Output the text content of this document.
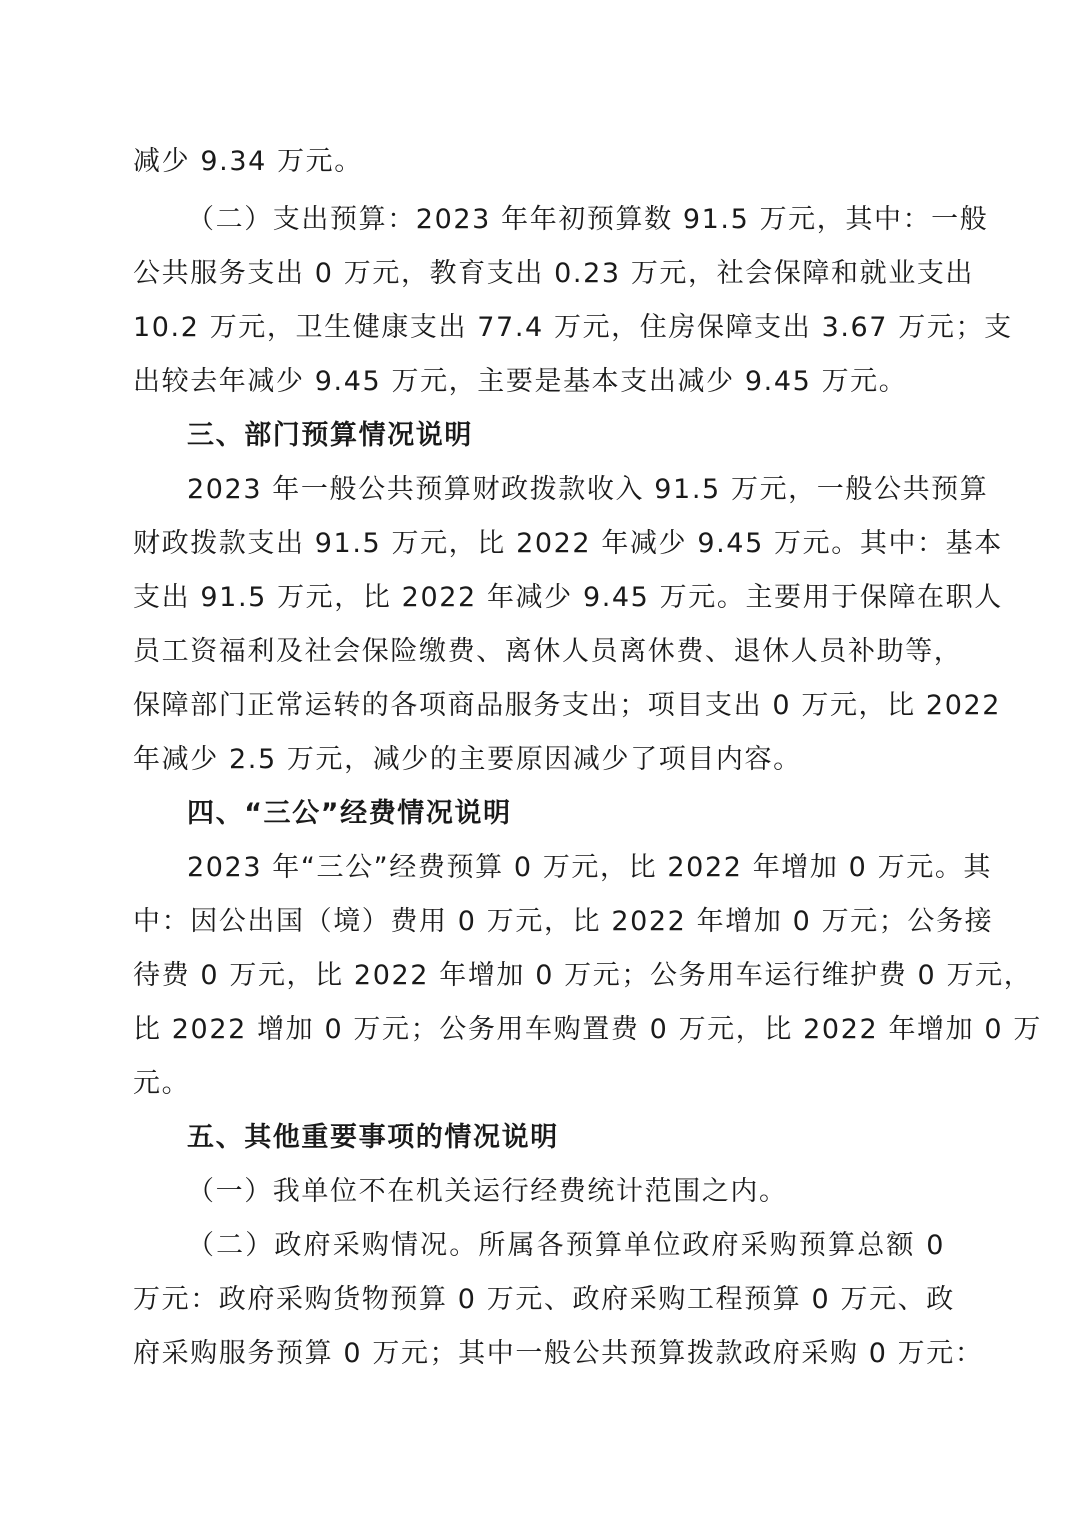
减少 9.34 万元。
（二）支出预算：2023 年年初预算数 91.5 万元，其中：一般
公共服务支出 0 万元，教育支出 0.23 万元，社会保障和就业支出
10.2 万元，卫生健康支出 77.4 万元，住房保障支出 3.67 万元；支
出较去年减少 9.45 万元，主要是基本支出减少 9.45 万元。
三、部门预算情况说明
2023 年一般公共预算财政拨款收入 91.5 万元，一般公共预算
财政拨款支出 91.5 万元，比 2022 年减少 9.45 万元。其中：基本
支出 91.5 万元，比 2022 年减少 9.45 万元。主要用于保障在职人
员工资福利及社会保险缴费、离休人员离休费、退休人员补助等，
保障部门正常运转的各项商品服务支出；项目支出 0 万元，比 2022
年减少 2.5 万元，减少的主要原因减少了项目内容。
四、“三公”经费情况说明
2023 年“三公”经费预算 0 万元，比 2022 年增加 0 万元。其
中：因公出国（境）费用 0 万元，比 2022 年增加 0 万元；公务接
待费 0 万元，比 2022 年增加 0 万元；公务用车运行维护费 0 万元，
比 2022 增加 0 万元；公务用车购置费 0 万元，比 2022 年增加 0 万
元。
五、其他重要事项的情况说明
（一）我单位不在机关运行经费统计范围之内。
（二）政府采购情况。所属各预算单位政府采购预算总额 0
万元：政府采购货物预算 0 万元、政府采购工程预算 0 万元、政
府采购服务预算 0 万元；其中一般公共预算拨款政府采购 0 万元：
